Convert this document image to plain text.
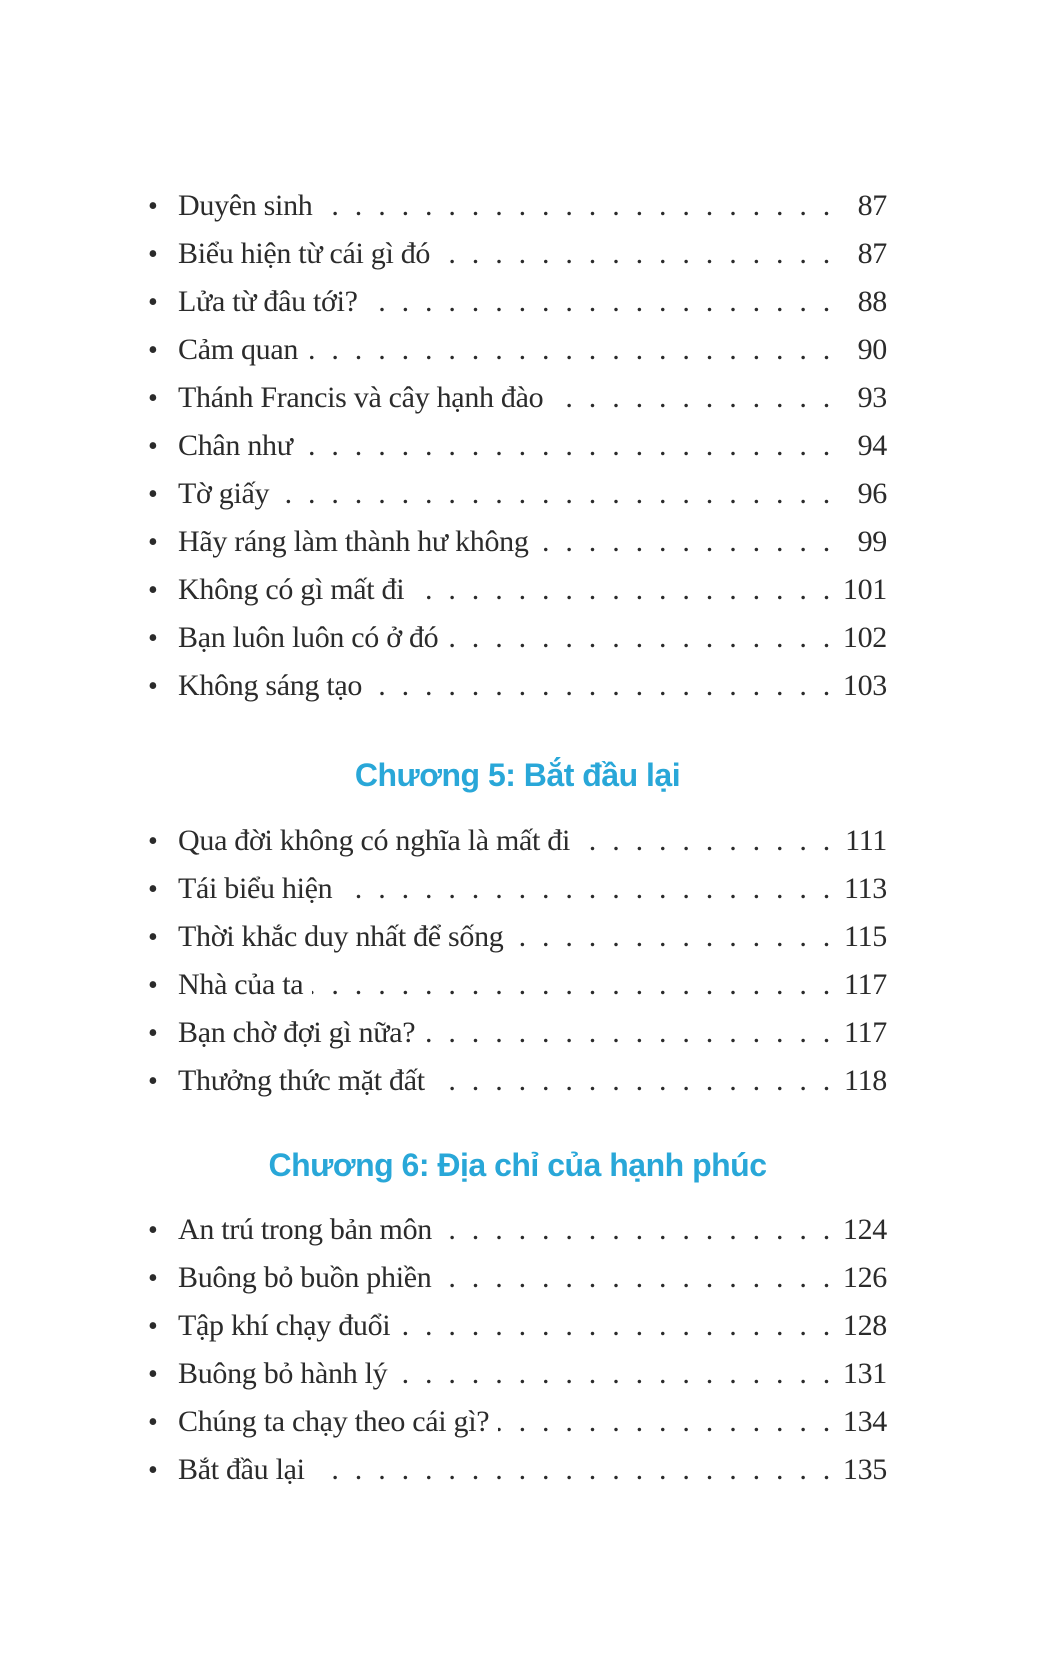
• Duyên sinh . . .	87
• Biểu hiện từ cái gì đó . . .	87
• Lửa từ đâu tới? . . .	88
• Cảm quan . . .	90
• Thánh Francis và cây hạnh đào . . .	93
• Chân như . . .	94
• Tờ giấy . . .	96
• Hãy ráng làm thành hư không . . .	99
• Không có gì mất đi . . .	101
• Bạn luôn luôn có ở đó . . .	102
• Không sáng tạo . . .	103
Chương 5: Bắt đầu lại
• Qua đời không có nghĩa là mất đi . . .	111
• Tái biểu hiện . . .	113
• Thời khắc duy nhất để sống . . .	115
• Nhà của ta . . .	117
• Bạn chờ đợi gì nữa? . . .	117
• Thưởng thức mặt đất . . .	118
Chương 6: Địa chỉ của hạnh phúc
• An trú trong bản môn . . .	124
• Buông bỏ buồn phiền . . .	126
• Tập khí chạy đuổi . . .	128
• Buông bỏ hành lý . . .	131
• Chúng ta chạy theo cái gì? . . .	134
• Bắt đầu lại . . .	135
